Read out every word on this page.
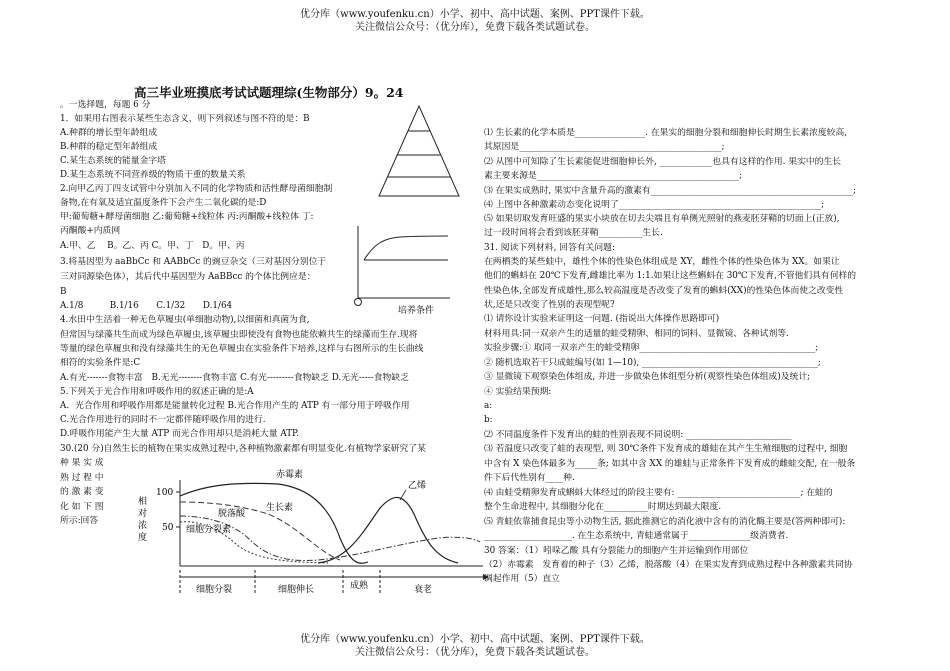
优分库（www.youfenku.cn）小学、初中、高中试题、案例、PPT课件下载。
关注微信公众号：（优分库），免费下载各类试题试卷。
高三毕业班摸底考试试题理综(生物部分）9。24
。一选择题，每题 6 分
1．如果用右图表示某些生态含义，则下列叙述与图不符的是：B
A.种群的增长型年龄组成
B.种群的稳定型年龄组成
C.某生态系统的能量金字塔
D.某生态系统不同营养级的物质干重的数量关系
2.向甲乙丙丁四支试管中分别加入不同的化学物质和活性酵母菌细胞制
备物,在有氧及适宜温度条件下会产生二氧化碳的是:D
甲:葡萄糖+酵母菌细胞 乙:葡萄糖+线粒体 丙:丙酮酸+线粒体 丁:
丙酮酸+内质网
A.甲、乙　 B。乙、丙 C。甲、丁　D。甲、丙
3.将基因型为 aaBbCc 和 AABbCc 的豌豆杂交（三对基因分别位于
三对同源染色体），其后代中基因型为 AaBBcc 的个体比例应是：
B
A.1/8　　　B.1/16　　C.1/32　　D.1/64
4.水田中生活着一种无色草履虫(单细胞动物),以细菌和真菌为食,
但常因与绿藻共生而成为绿色草履虫,该草履虫即使没有食物也能依赖共生的绿藻而生存.现将
等量的绿色草履虫和没有绿藻共生的无色草履虫在实验条件下培养,这样与右图所示的生长曲线
相符的实验条件是:C
A.有光-------食物丰富　B.无光--------食物丰富 C.有光---------食物缺乏 D.无光-----食物缺乏
5.下列关于光合作用和呼吸作用的叙述正确的是:A
A．光合作用和呼吸作用都是能量转化过程 B.光合作用产生的 ATP 有一部分用于呼吸作用
C.光合作用进行的同时不一定都伴随呼吸作用的进行.
D.呼吸作用能产生大量 ATP 而光合作用却只是消耗大量 ATP.
30.(20 分)自然生长的植物在果实成熟过程中,各种植物激素都有明显变化.有植物学家研究了某
种 果 实 成
熟 过 程 中
的 激 素 变
化 如 下 图
所示:回答
培养条件
相对浓度
100
50
赤霉素
乙烯
生长素
脱落酸
细胞分裂素
细胞分裂	细胞伸长	成熟	衰老
⑴ 生长素的化学本质是________________. 在果实的细胞分裂和细胞伸长时期生长素浓度较高,
其原因是______________________________________________;
⑵ 从图中可知除了生长素能促进细胞伸长外, ____________也具有这样的作用. 果实中的生长
素主要来源是______________________________________________;
⑶ 在果实成熟时, 果实中含量升高的激素有______________________________________________;
⑷ 上图中各种激素动态变化说明了______________________________________________;
⑸ 如果切取发育旺盛的果实小块放在切去尖端且有单侧光照射的燕麦胚芽鞘的切面上(正放),
过一段时间将会看到该胚芽鞘__________生长.
31. 阅读下列材料, 回答有关问题:
在两栖类的某些蛙中，雄性个体的性染色体组成是 XY，雌性个体的性染色体为 XX。如果让
他们的蝌蚪在 20℃下发育,雌雄比率为 1:1.如果让这些蝌蚪在 30℃下发育,不管他们具有何样的
性染色体,全部发育成雄性,那么较高温度是否改变了发育的蝌蚪(XX)的性染色体而使之改变性
状,还是只改变了性别的表现型呢?
⑴ 请你设计实验来证明这一问题. (指说出大体操作思路即可)
材料用具:同一双亲产生的适量的蛙受精卵、相同的饲料、显微镜、各种试剂等.
实验步骤:① 取同一双亲产生的蛙受精卵________________________________________;
② 随机选取若干只成蛙编号(如 1—10), ________________________________________;
③ 显微镜下观察染色体组成, 并进一步做染色体组型分析(观察性染色体组成)及统计;
④ 实验结果预期:
a:
b:
⑵ 不同温度条件下发育出的蛙的性别表现不同说明: ________________________
⑶ 若温度只改变了蛙的表现型, 则 30℃条件下发育成的雄蛙在其产生生殖细胞的过程中, 细胞
中含有 X 染色体最多为_____条; 如其中含 XX 的雄蛙与正常条件下发育成的雌蛙交配, 在一般条
件下后代性别有____种.
⑷ 由蛙受精卵发育成蝌蚪大体经过的阶段主要有: ____________________________; 在蛙的
整个生命进程中, 其细胞分化在__________时期达到最大限度.
⑸ 青蛙依靠捕食昆虫等小动物生活, 据此推测它的消化液中含有的消化酶主要是(答两种即可):
____________________. 在生态系统中, 青蛙通常属于______________级消费者.
30 答案：（1）吲哚乙酸 具有分裂能力的细胞产生并运输到作用部位
（2）赤霉素　发育着的种子（3）乙烯，脱落酸（4）在果实发育到成熟过程中各种激素共同协
调起作用（5）直立
优分库（www.youfenku.cn）小学、初中、高中试题、案例、PPT课件下载。
关注微信公众号：（优分库），免费下载各类试题试卷。
